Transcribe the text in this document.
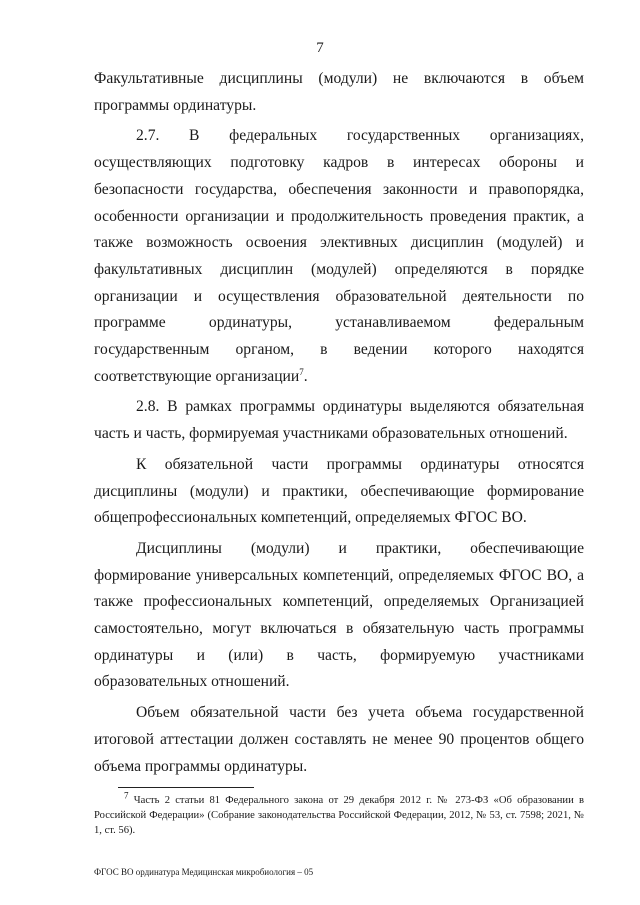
7

Факультативные дисциплины (модули) не включаются в объем программы ординатуры.

2.7. В федеральных государственных организациях, осуществляющих подготовку кадров в интересах обороны и безопасности государства, обеспечения законности и правопорядка, особенности организации и продолжительность проведения практик, а также возможность освоения элективных дисциплин (модулей) и факультативных дисциплин (модулей) определяются в порядке организации и осуществления образовательной деятельности по программе ординатуры, устанавливаемом федеральным государственным органом, в ведении которого находятся соответствующие организации$^7$.

2.8. В рамках программы ординатуры выделяются обязательная часть и часть, формируемая участниками образовательных отношений.

К обязательной части программы ординатуры относятся дисциплины (модули) и практики, обеспечивающие формирование общепрофессиональных компетенций, определяемых ФГОС ВО.

Дисциплины (модули) и практики, обеспечивающие формирование универсальных компетенций, определяемых ФГОС ВО, а также профессиональных компетенций, определяемых Организацией самостоятельно, могут включаться в обязательную часть программы ординатуры и (или) в часть, формируемую участниками образовательных отношений.

Объем обязательной части без учета объема государственной итоговой аттестации должен составлять не менее 90 процентов общего объема программы ординатуры.

$^7$ Часть 2 статьи 81 Федерального закона от 29 декабря 2012 г. № 273-ФЗ «Об образовании в Российской Федерации» (Собрание законодательства Российской Федерации, 2012, № 53, ст. 7598; 2021, № 1, ст. 56).
ФГОС ВО ординатура Медицинская микробиология – 05
